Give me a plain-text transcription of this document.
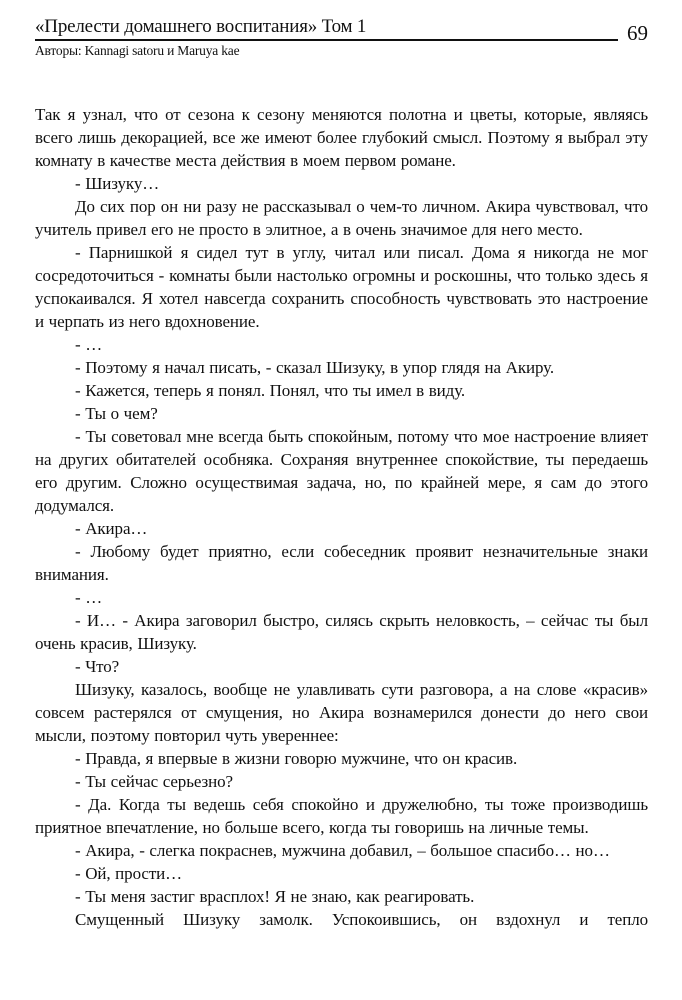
«Прелести домашнего воспитания» Том 1	69
Авторы: Kannagi satoru и Maruya kae

Так я узнал, что от сезона к сезону меняются полотна и цветы, которые, являясь всего лишь декорацией, все же имеют более глубокий смысл. Поэтому я выбрал эту комнату в качестве места действия в моем первом романе.

- Шизуку…

До сих пор он ни разу не рассказывал о чем-то личном. Акира чувствовал, что учитель привел его не просто в элитное, а в очень значимое для него место.

- Парнишкой я сидел тут в углу, читал или писал. Дома я никогда не мог сосредоточиться - комнаты были настолько огромны и роскошны, что только здесь я успокаивался. Я хотел навсегда сохранить способность чувствовать это настроение и черпать из него вдохновение.

- …

- Поэтому я начал писать, - сказал Шизуку, в упор глядя на Акиру.

- Кажется, теперь я понял. Понял, что ты имел в виду.

- Ты о чем?

- Ты советовал мне всегда быть спокойным, потому что мое настроение влияет на других обитателей особняка. Сохраняя внутреннее спокойствие, ты передаешь его другим. Сложно осуществимая задача, но, по крайней мере, я сам до этого додумался.

- Акира…

- Любому будет приятно, если собеседник проявит незначительные знаки внимания.

- …

- И… - Акира заговорил быстро, силясь скрыть неловкость, – сейчас ты был очень красив, Шизуку.

- Что?

Шизуку, казалось, вообще не улавливать сути разговора, а на слове «красив» совсем растерялся от смущения, но Акира вознамерился донести до него свои мысли, поэтому повторил чуть увереннее:

- Правда, я впервые в жизни говорю мужчине, что он красив.

- Ты сейчас серьезно?

- Да. Когда ты ведешь себя спокойно и дружелюбно, ты тоже производишь приятное впечатление, но больше всего, когда ты говоришь на личные темы.

- Акира, - слегка покраснев, мужчина добавил, – большое спасибо… но…

- Ой, прости…

- Ты меня застиг врасплох! Я не знаю, как реагировать.

Смущенный Шизуку замолк. Успокоившись, он вздохнул и тепло
